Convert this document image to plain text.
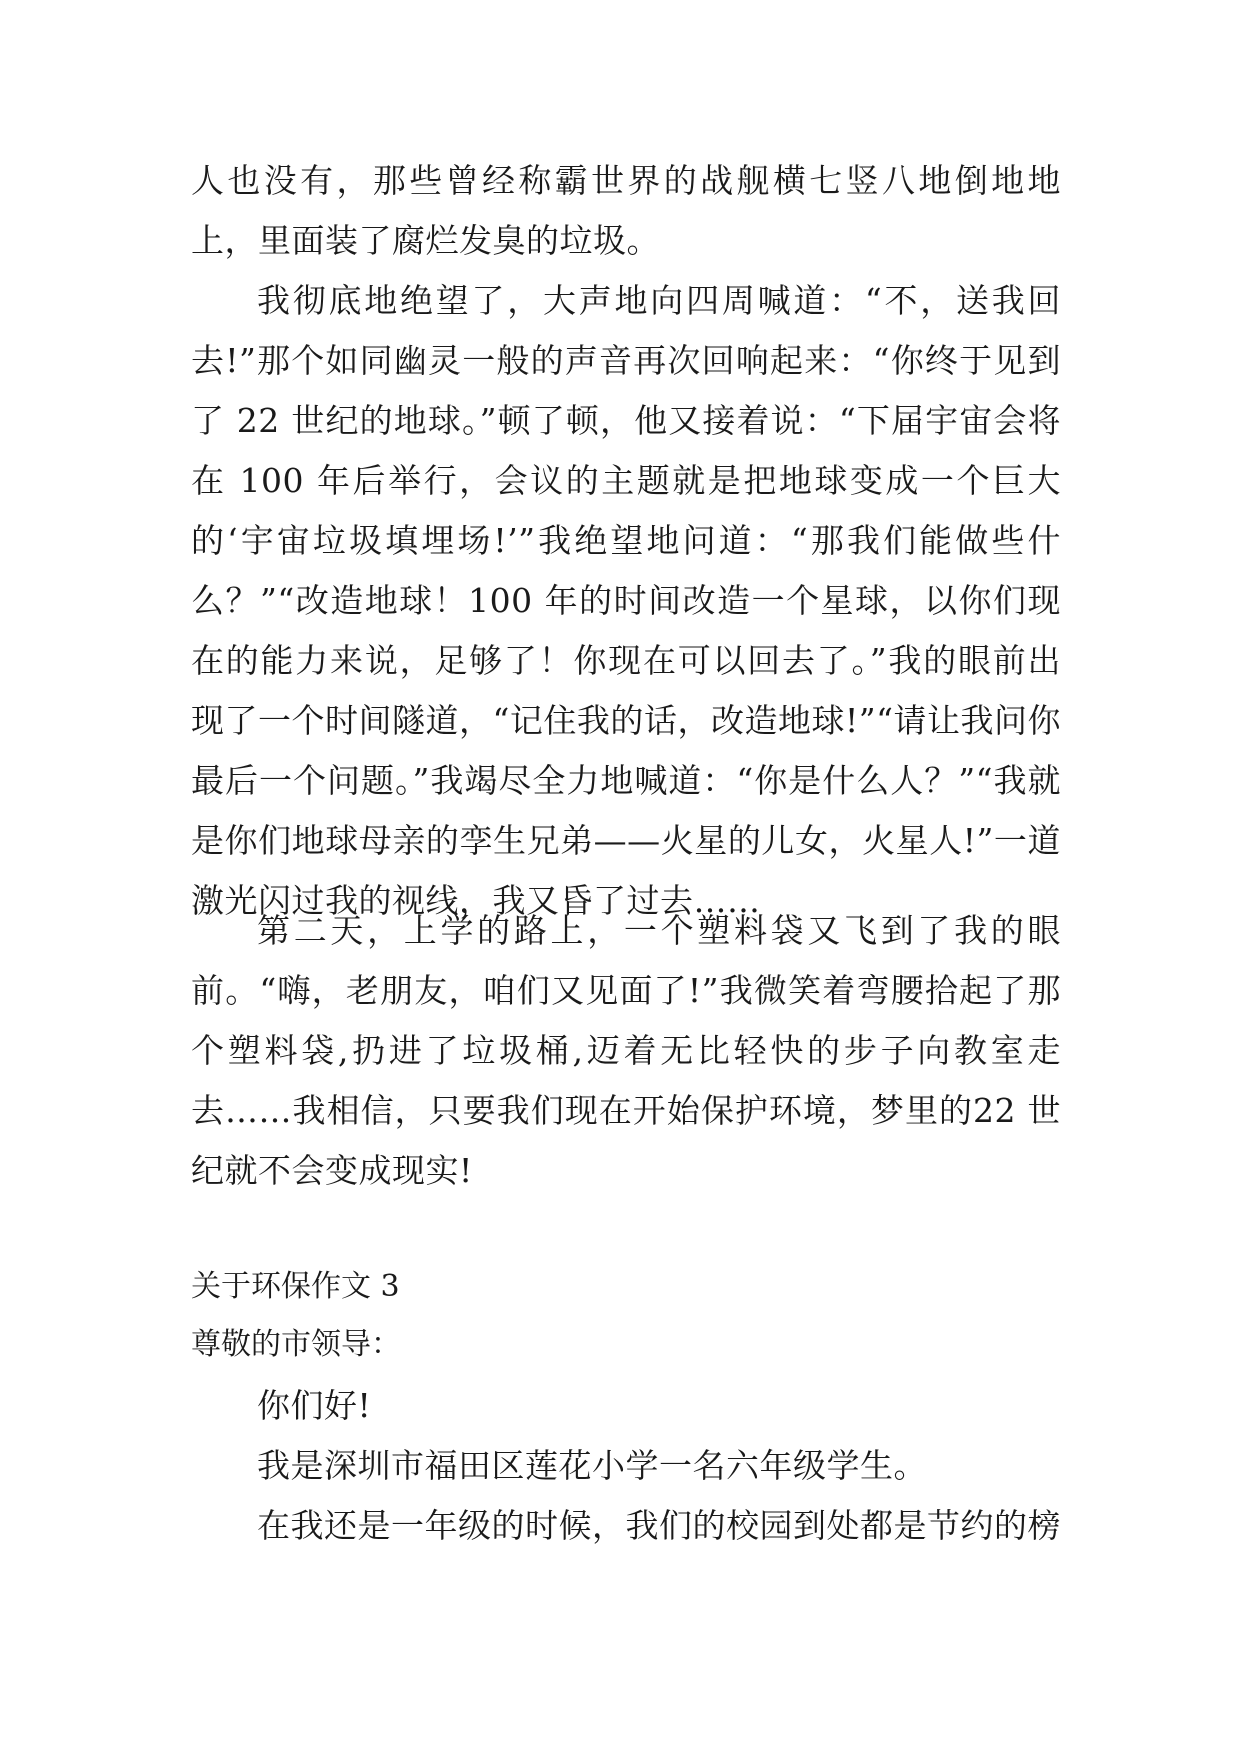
人也没有，那些曾经称霸世界的战舰横七竖八地倒地地上，里面装了腐烂发臭的垃圾。

我彻底地绝望了，大声地向四周喊道：“不，送我回去!”那个如同幽灵一般的声音再次回响起来：“你终于见到了 22 世纪的地球。”顿了顿，他又接着说：“下届宇宙会将在 100 年后举行，会议的主题就是把地球变成一个巨大的‘宇宙垃圾填埋场!’”我绝望地问道：“那我们能做些什么？”“改造地球！100 年的时间改造一个星球，以你们现在的能力来说，足够了！你现在可以回去了。”我的眼前出现了一个时间隧道，“记住我的话，改造地球!”“请让我问你最后一个问题。”我竭尽全力地喊道：“你是什么人？”“我就是你们地球母亲的孪生兄弟——火星的儿女，火星人!”一道激光闪过我的视线，我又昏了过去……

第二天，上学的路上，一个塑料袋又飞到了我的眼前。“嗨，老朋友，咱们又见面了!”我微笑着弯腰拾起了那个塑料袋,扔进了垃圾桶,迈着无比轻快的步子向教室走去……我相信，只要我们现在开始保护环境，梦里的22 世纪就不会变成现实!

关于环保作文 3

尊敬的市领导：

你们好!

我是深圳市福田区莲花小学一名六年级学生。

在我还是一年级的时候，我们的校园到处都是节约的榜
